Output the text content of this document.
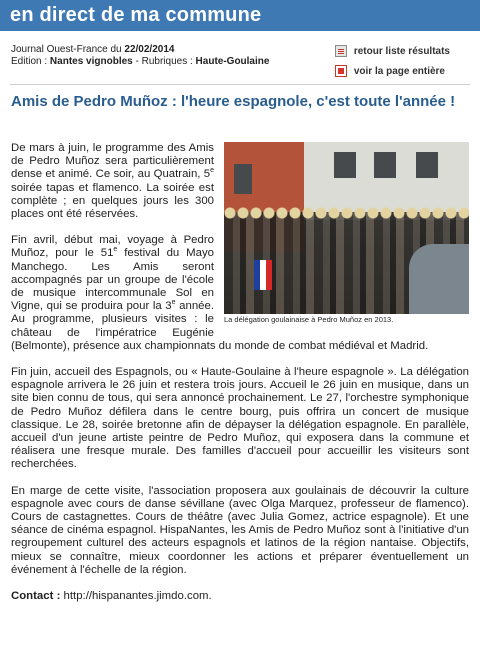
en direct de ma commune
Journal Ouest-France du 22/02/2014
Edition : Nantes vignobles - Rubriques : Haute-Goulaine
retour liste résultats
voir la page entière
Amis de Pedro Muñoz : l'heure espagnole, c'est toute l'année !
La délégation goulainaise à Pedro Muñoz en 2013.

De mars à juin, le programme des Amis de Pedro Muñoz sera particulièrement dense et animé. Ce soir, au Quatrain, 5e soirée tapas et flamenco. La soirée est complète ; en quelques jours les 300 places ont été réservées.

Fin avril, début mai, voyage à Pedro Muñoz, pour le 51e festival du Mayo Manchego. Les Amis seront accompagnés par un groupe de l'école de musique intercommunale Sol en Vigne, qui se produira pour la 3e année. Au programme, plusieurs visites : le château de l'impératrice Eugénie (Belmonte), présence aux championnats du monde de combat médiéval et Madrid.

Fin juin, accueil des Espagnols, ou « Haute-Goulaine à l'heure espagnole ». La délégation espagnole arrivera le 26 juin et restera trois jours. Accueil le 26 juin en musique, dans un site bien connu de tous, qui sera annoncé prochainement. Le 27, l'orchestre symphonique de Pedro Muñoz défilera dans le centre bourg, puis offrira un concert de musique classique. Le 28, soirée bretonne afin de dépayser la délégation espagnole. En parallèle, accueil d'un jeune artiste peintre de Pedro Muñoz, qui exposera dans la commune et réalisera une fresque murale. Des familles d'accueil pour accueillir les visiteurs sont recherchées.

En marge de cette visite, l'association proposera aux goulainais de découvrir la culture espagnole avec cours de danse sévillane (avec Olga Marquez, professeur de flamenco). Cours de castagnettes. Cours de théâtre (avec Julia Gomez, actrice espagnole). Et une séance de cinéma espagnol. HispaNantes, les Amis de Pedro Muñoz sont à l'initiative d'un regroupement culturel des acteurs espagnols et latinos de la région nantaise. Objectifs, mieux se connaître, mieux coordonner les actions et préparer éventuellement un événement à l'échelle de la région.

Contact : http://hispanantes.jimdo.com.
